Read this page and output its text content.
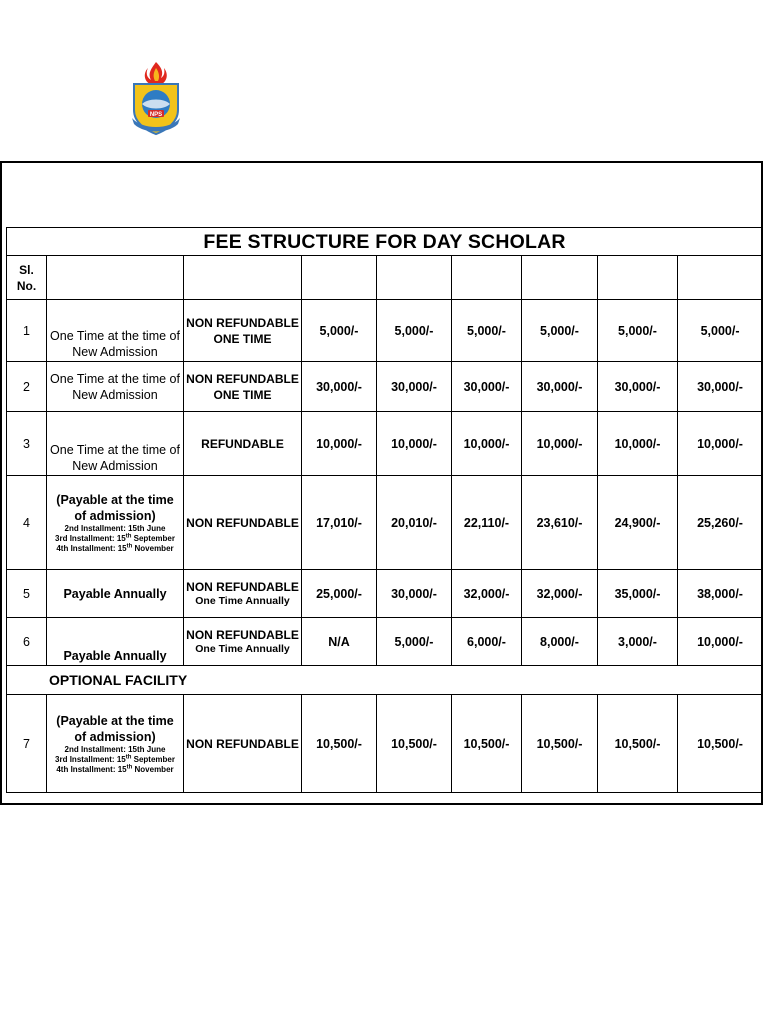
NPS
FEE STRUCTURE FOR DAY SCHOLAR								
Sl. No.								
1	One Time at the time of New Admission	NON REFUNDABLE ONE TIME	5,000/-	5,000/-	5,000/-	5,000/-	5,000/-	5,000/-
2	One Time at the time of New Admission	NON REFUNDABLE ONE TIME	30,000/-	30,000/-	30,000/-	30,000/-	30,000/-	30,000/-
3	One Time at the time of New Admission	REFUNDABLE	10,000/-	10,000/-	10,000/-	10,000/-	10,000/-	10,000/-
4	(Payable at the time of admission)
2nd Installment: 15th June
3rd Installment: 15th September
4th Installment: 15th November	NON REFUNDABLE	17,010/-	20,010/-	22,110/-	23,610/-	24,900/-	25,260/-
5	Payable Annually	NON REFUNDABLE
One Time Annually	25,000/-	30,000/-	32,000/-	32,000/-	35,000/-	38,000/-
6	Payable Annually	NON REFUNDABLE
One Time Annually	N/A	5,000/-	6,000/-	8,000/-	3,000/-	10,000/-
OPTIONAL FACILITY								
7	(Payable at the time of admission)
2nd Installment: 15th June
3rd Installment: 15th September
4th Installment: 15th November	NON REFUNDABLE	10,500/-	10,500/-	10,500/-	10,500/-	10,500/-	10,500/-
